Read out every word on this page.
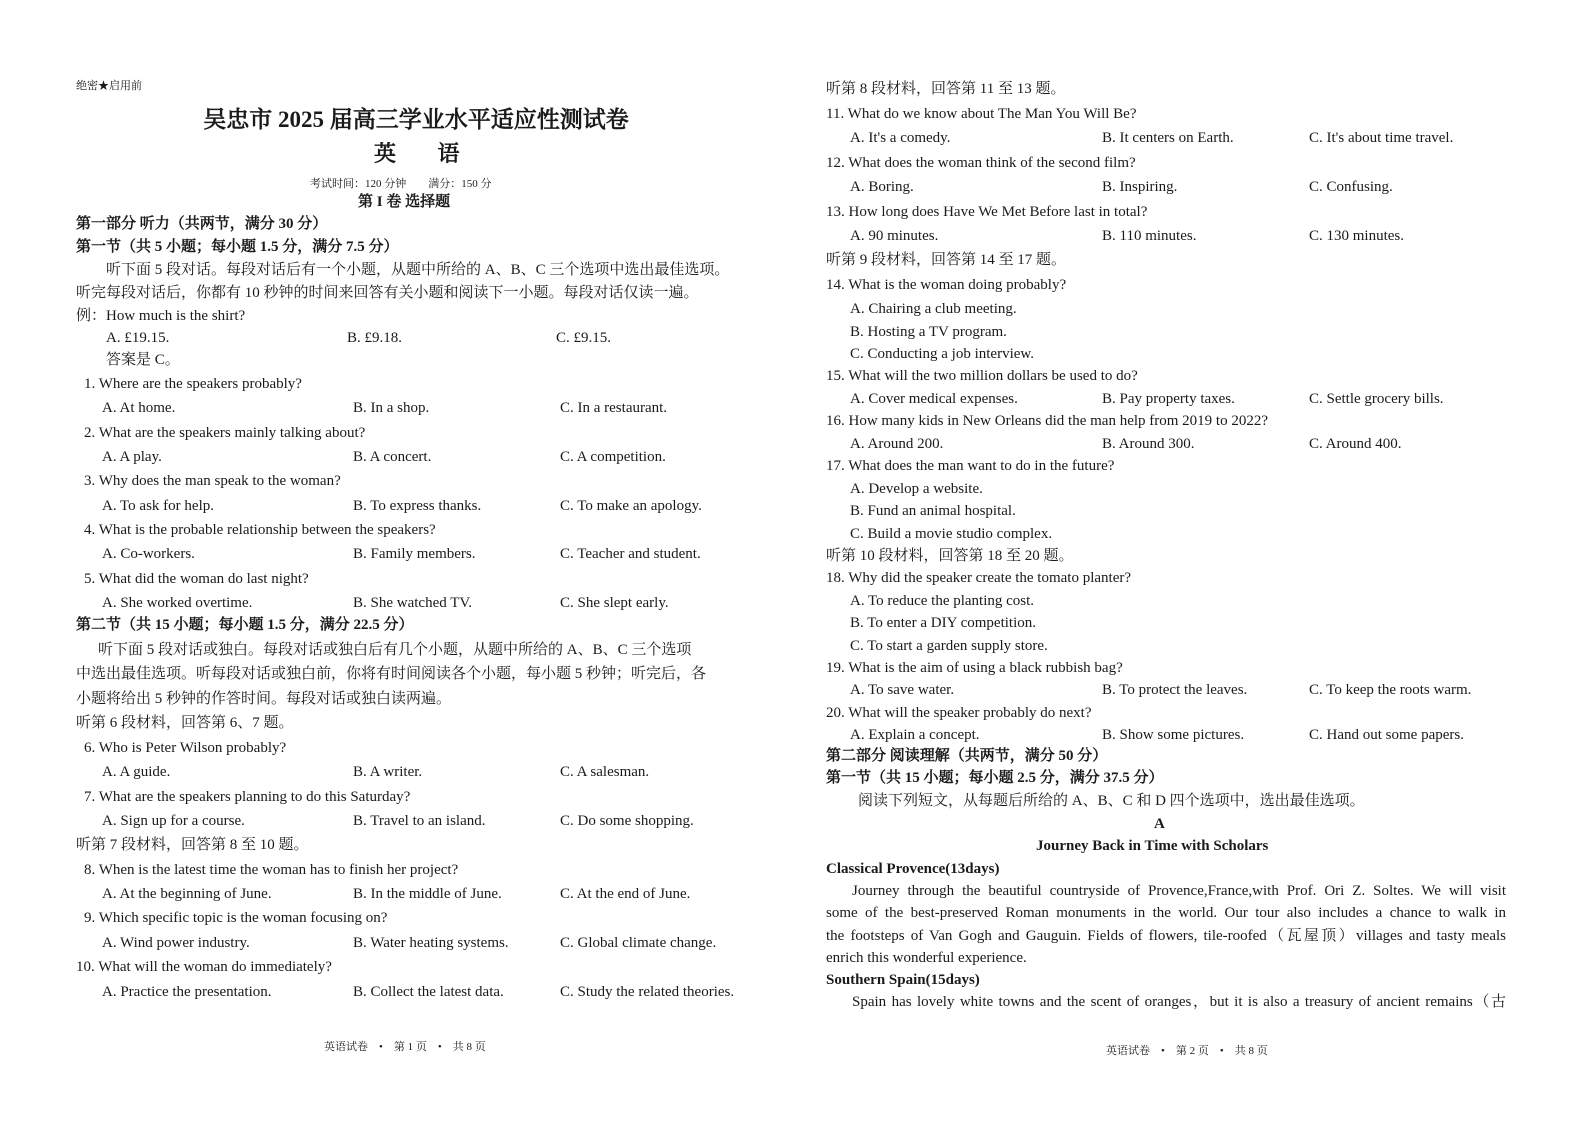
绝密★启用前
吴忠市 2025 届高三学业水平适应性测试卷
英 语
考试时间：120 分钟　　满分：150 分
第 I 卷 选择题
第一部分 听力（共两节，满分 30 分）
第一节（共 5 小题；每小题 1.5 分，满分 7.5 分）
听下面 5 段对话。每段对话后有一个小题，从题中所给的 A、B、C 三个选项中选出最佳选项。
听完每段对话后，你都有 10 秒钟的时间来回答有关小题和阅读下一小题。每段对话仅读一遍。
例：How much is the shirt?
A. £19.15.	B. £9.18.	C. £9.15.
答案是 C。
1. Where are the speakers probably?
A. At home.	B. In a shop.	C. In a restaurant.
2. What are the speakers mainly talking about?
A. A play.	B. A concert.	C. A competition.
3. Why does the man speak to the woman?
A. To ask for help.	B. To express thanks.	C. To make an apology.
4. What is the probable relationship between the speakers?
A. Co-workers.	B. Family members.	C. Teacher and student.
5. What did the woman do last night?
A. She worked overtime.	B. She watched TV.	C. She slept early.
第二节（共 15 小题；每小题 1.5 分，满分 22.5 分）
听下面 5 段对话或独白。每段对话或独白后有几个小题，从题中所给的 A、B、C 三个选项
中选出最佳选项。听每段对话或独白前，你将有时间阅读各个小题，每小题 5 秒钟；听完后，各
小题将给出 5 秒钟的作答时间。每段对话或独白读两遍。
听第 6 段材料，回答第 6、7 题。
6. Who is Peter Wilson probably?
A. A guide.	B. A writer.	C. A salesman.
7. What are the speakers planning to do this Saturday?
A. Sign up for a course.	B. Travel to an island.	C. Do some shopping.
听第 7 段材料，回答第 8 至 10 题。
8. When is the latest time the woman has to finish her project?
A. At the beginning of June.	B. In the middle of June.	C. At the end of June.
9. Which specific topic is the woman focusing on?
A. Wind power industry.	B. Water heating systems.	C. Global climate change.
10. What will the woman do immediately?
A. Practice the presentation.	B. Collect the latest data.	C. Study the related theories.
英语试卷　•　第 1 页　•　共 8 页
听第 8 段材料，回答第 11 至 13 题。
11. What do we know about The Man You Will Be?
A. It's a comedy.	B. It centers on Earth.	C. It's about time travel.
12. What does the woman think of the second film?
A. Boring.	B. Inspiring.	C. Confusing.
13. How long does Have We Met Before last in total?
A. 90 minutes.	B. 110 minutes.	C. 130 minutes.
听第 9 段材料，回答第 14 至 17 题。
14. What is the woman doing probably?
A. Chairing a club meeting.
B. Hosting a TV program.
C. Conducting a job interview.
15. What will the two million dollars be used to do?
A. Cover medical expenses.	B. Pay property taxes.	C. Settle grocery bills.
16. How many kids in New Orleans did the man help from 2019 to 2022?
A. Around 200.	B. Around 300.	C. Around 400.
17. What does the man want to do in the future?
A. Develop a website.
B. Fund an animal hospital.
C. Build a movie studio complex.
听第 10 段材料，回答第 18 至 20 题。
18. Why did the speaker create the tomato planter?
A. To reduce the planting cost.
B. To enter a DIY competition.
C. To start a garden supply store.
19. What is the aim of using a black rubbish bag?
A. To save water.	B. To protect the leaves.	C. To keep the roots warm.
20. What will the speaker probably do next?
A. Explain a concept.	B. Show some pictures.	C. Hand out some papers.
第二部分 阅读理解（共两节，满分 50 分）
第一节（共 15 小题；每小题 2.5 分，满分 37.5 分）
阅读下列短文，从每题后所给的 A、B、C 和 D 四个选项中，选出最佳选项。
A
Journey Back in Time with Scholars
Classical Provence(13days)
Journey through the beautiful countryside of Provence,France,with Prof. Ori Z. Soltes. We will visit
some of the best-preserved Roman monuments in the world. Our tour also includes a chance to walk in
the footsteps of Van Gogh and Gauguin. Fields of flowers, tile-roofed（瓦屋顶）villages and tasty meals
enrich this wonderful experience.
Southern Spain(15days)
Spain has lovely white towns and the scent of oranges，but it is also a treasury of ancient remains（古
英语试卷　•　第 2 页　•　共 8 页
